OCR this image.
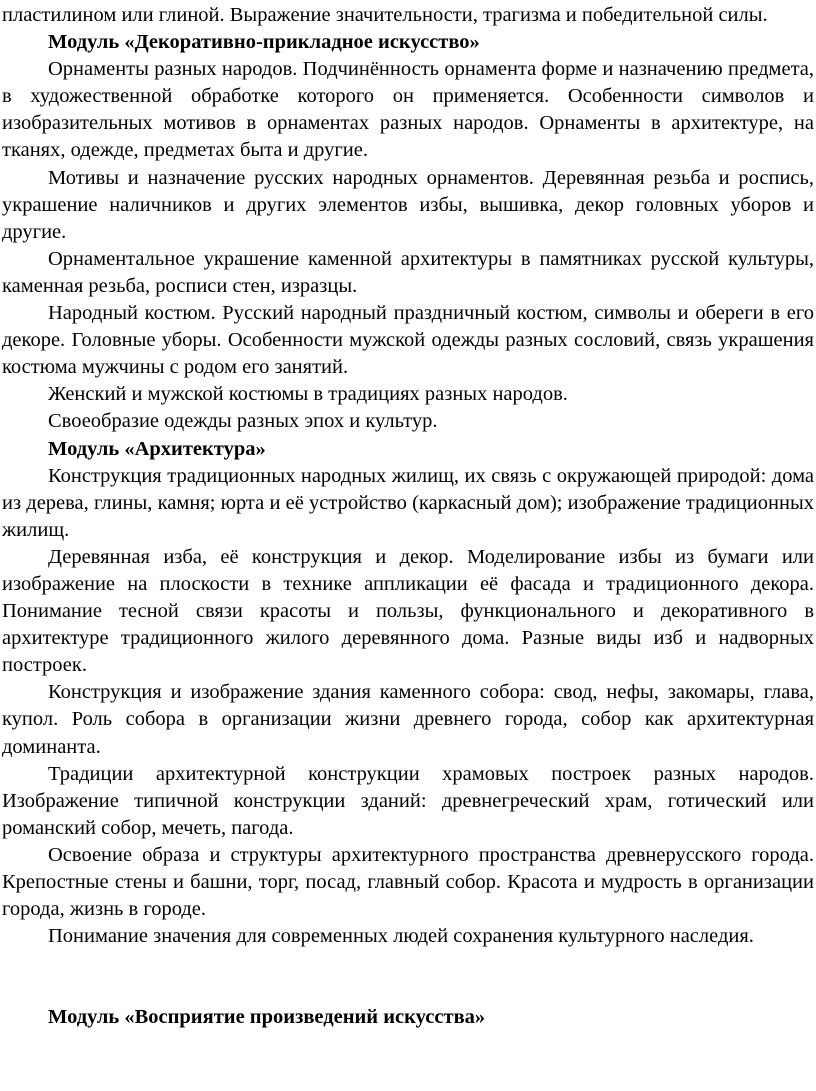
пластилином или глиной. Выражение значительности, трагизма и победительной силы.

Модуль «Декоративно-прикладное искусство»

Орнаменты разных народов. Подчинённость орнамента форме и назначению предмета, в художественной обработке которого он применяется. Особенности символов и изобразительных мотивов в орнаментах разных народов. Орнаменты в архитектуре, на тканях, одежде, предметах быта и другие.

Мотивы и назначение русских народных орнаментов. Деревянная резьба и роспись, украшение наличников и других элементов избы, вышивка, декор головных уборов и другие.

Орнаментальное украшение каменной архитектуры в памятниках русской культуры, каменная резьба, росписи стен, изразцы.

Народный костюм. Русский народный праздничный костюм, символы и обереги в его декоре. Головные уборы. Особенности мужской одежды разных сословий, связь украшения костюма мужчины с родом его занятий.

Женский и мужской костюмы в традициях разных народов.

Своеобразие одежды разных эпох и культур.

Модуль «Архитектура»

Конструкция традиционных народных жилищ, их связь с окружающей природой: дома из дерева, глины, камня; юрта и её устройство (каркасный дом); изображение традиционных жилищ.

Деревянная изба, её конструкция и декор. Моделирование избы из бумаги или изображение на плоскости в технике аппликации её фасада и традиционного декора. Понимание тесной связи красоты и пользы, функционального и декоративного в архитектуре традиционного жилого деревянного дома. Разные виды изб и надворных построек.

Конструкция и изображение здания каменного собора: свод, нефы, закомары, глава, купол. Роль собора в организации жизни древнего города, собор как архитектурная доминанта.

Традиции архитектурной конструкции храмовых построек разных народов. Изображение типичной конструкции зданий: древнегреческий храм, готический или романский собор, мечеть, пагода.

Освоение образа и структуры архитектурного пространства древнерусского города. Крепостные стены и башни, торг, посад, главный собор. Красота и мудрость в организации города, жизнь в городе.

Понимание значения для современных людей сохранения культурного наследия.

Модуль «Восприятие произведений искусства»
